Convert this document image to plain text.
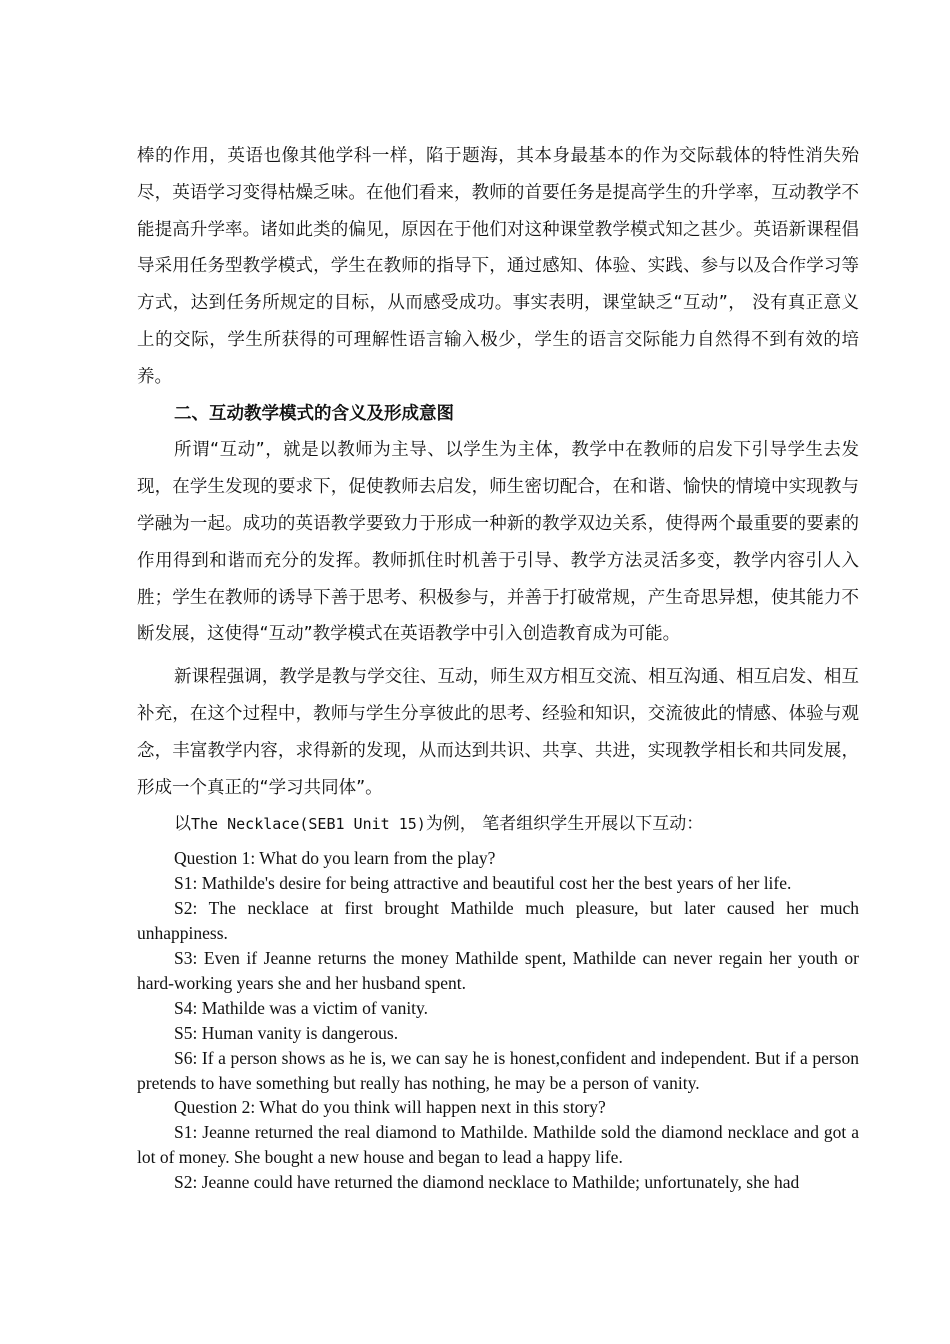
棒的作用，英语也像其他学科一样，陷于题海，其本身最基本的作为交际载体的特性消失殆尽，英语学习变得枯燥乏味。在他们看来，教师的首要任务是提高学生的升学率，互动教学不能提高升学率。诸如此类的偏见，原因在于他们对这种课堂教学模式知之甚少。英语新课程倡导采用任务型教学模式，学生在教师的指导下，通过感知、体验、实践、参与以及合作学习等方式，达到任务所规定的目标，从而感受成功。事实表明，课堂缺乏“互动”， 没有真正意义上的交际，学生所获得的可理解性语言输入极少，学生的语言交际能力自然得不到有效的培养。

二、互动教学模式的含义及形成意图

所谓“互动”，就是以教师为主导、以学生为主体，教学中在教师的启发下引导学生去发现，在学生发现的要求下，促使教师去启发，师生密切配合，在和谐、愉快的情境中实现教与学融为一起。成功的英语教学要致力于形成一种新的教学双边关系，使得两个最重要的要素的作用得到和谐而充分的发挥。教师抓住时机善于引导、教学方法灵活多变，教学内容引人入胜；学生在教师的诱导下善于思考、积极参与，并善于打破常规，产生奇思异想，使其能力不断发展，这使得“互动”教学模式在英语教学中引入创造教育成为可能。

新课程强调，教学是教与学交往、互动，师生双方相互交流、相互沟通、相互启发、相互补充，在这个过程中，教师与学生分享彼此的思考、经验和知识，交流彼此的情感、体验与观念，丰富教学内容，求得新的发现，从而达到共识、共享、共进，实现教学相长和共同发展，形成一个真正的“学习共同体”。

以The Necklace(SEB1 Unit 15)为例， 笔者组织学生开展以下互动：

Question 1: What do you learn from the play?

S1: Mathilde's desire for being attractive and beautiful cost her the best years of her life.

S2: The necklace at first brought Mathilde much pleasure, but later caused her much unhappiness.

S3: Even if Jeanne returns the money Mathilde spent, Mathilde can never regain her youth or hard-working years she and her husband spent.

S4: Mathilde was a victim of vanity.

S5: Human vanity is dangerous.

S6: If a person shows as he is, we can say he is honest,confident and independent. But if a person pretends to have something but really has nothing, he may be a person of vanity.

Question 2: What do you think will happen next in this story?

S1: Jeanne returned the real diamond to Mathilde. Mathilde sold the diamond necklace and got a lot of money. She bought a new house and began to lead a happy life.

S2: Jeanne could have returned the diamond necklace to Mathilde; unfortunately, she had
